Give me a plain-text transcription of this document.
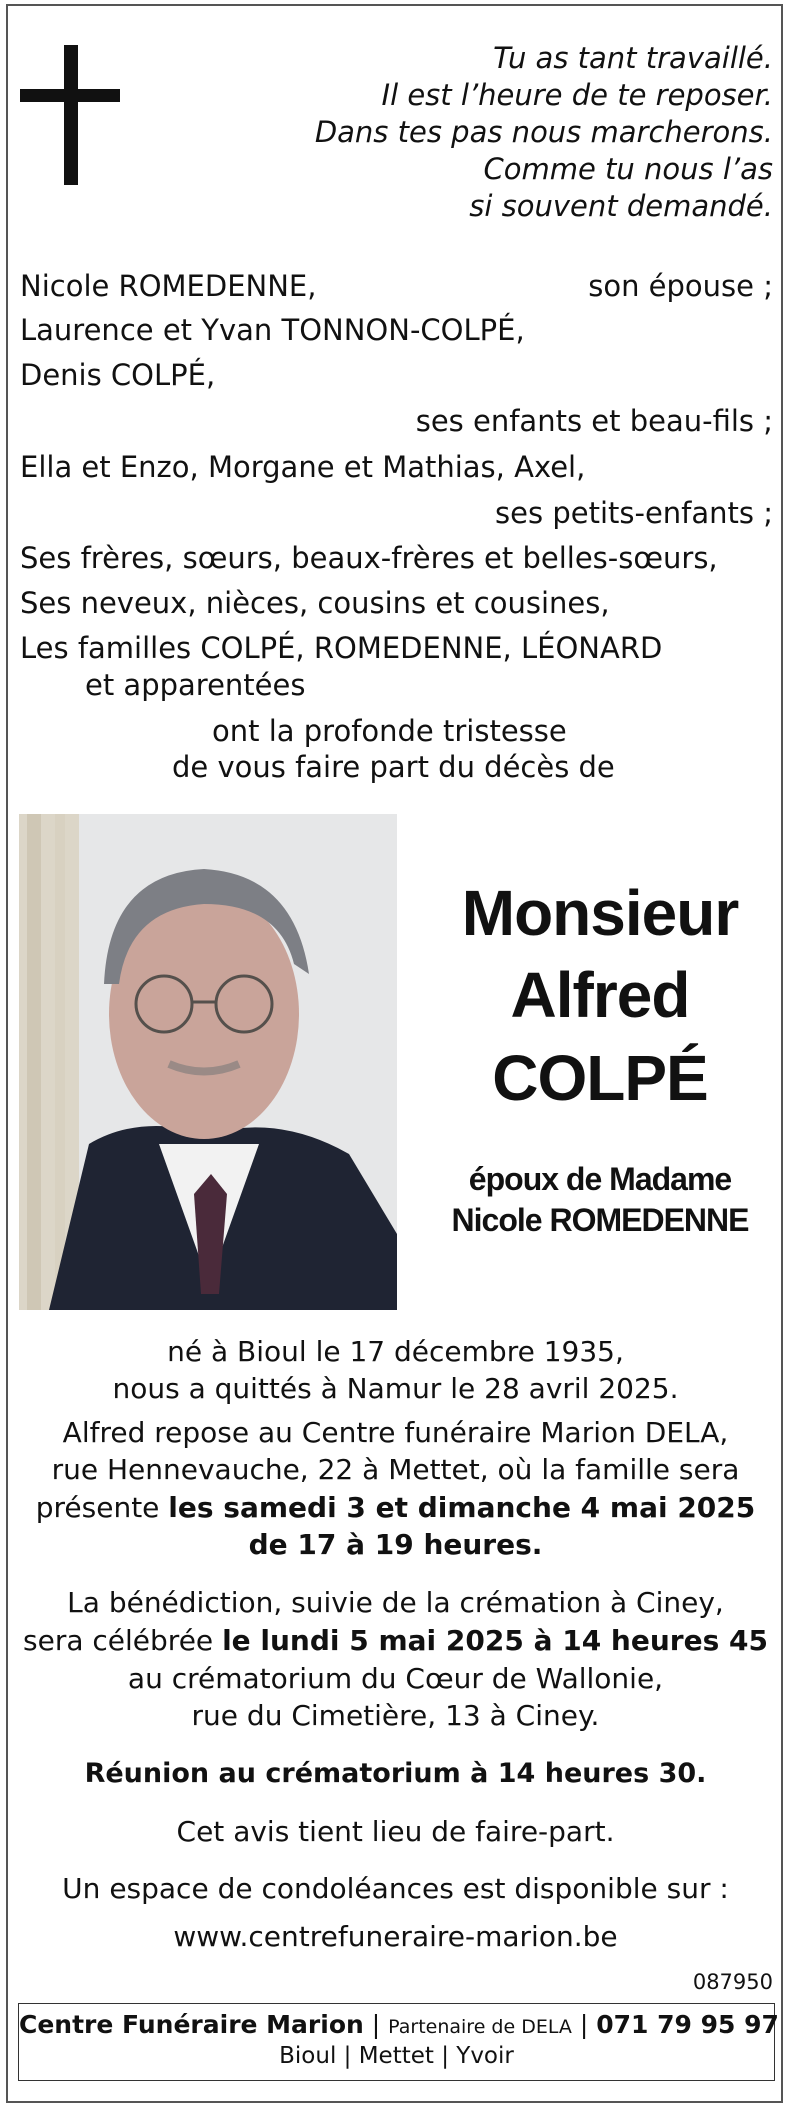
Tu as tant travaillé.
Il est l’heure de te reposer.
Dans tes pas nous marcherons.
Comme tu nous l’as
si souvent demandé.
Nicole ROMEDENNE,	son épouse ;
Laurence et Yvan TONNON-COLPÉ,
Denis COLPÉ,
ses enfants et beau-fils ;
Ella et Enzo, Morgane et Mathias, Axel,
ses petits-enfants ;
Ses frères, sœurs, beaux-frères et belles-sœurs,
Ses neveux, nièces, cousins et cousines,
Les familles COLPÉ, ROMEDENNE, LÉONARD
et apparentées
ont la profonde tristesse
de vous faire part du décès de
Monsieur
Alfred
COLPÉ
époux de Madame
Nicole ROMEDENNE
né à Bioul le 17 décembre 1935,
nous a quittés à Namur le 28 avril 2025.
Alfred repose au Centre funéraire Marion DELA,
rue Hennevauche, 22 à Mettet, où la famille sera
présente les samedi 3 et dimanche 4 mai 2025
de 17 à 19 heures.
La bénédiction, suivie de la crémation à Ciney,
sera célébrée le lundi 5 mai 2025 à 14 heures 45
au crématorium du Cœur de Wallonie,
rue du Cimetière, 13 à Ciney.
Réunion au crématorium à 14 heures 30.
Cet avis tient lieu de faire-part.
Un espace de condoléances est disponible sur :
www.centrefuneraire-marion.be
087950
Centre Funéraire Marion | Partenaire de DELA | 071 79 95 97
Bioul | Mettet | Yvoir
